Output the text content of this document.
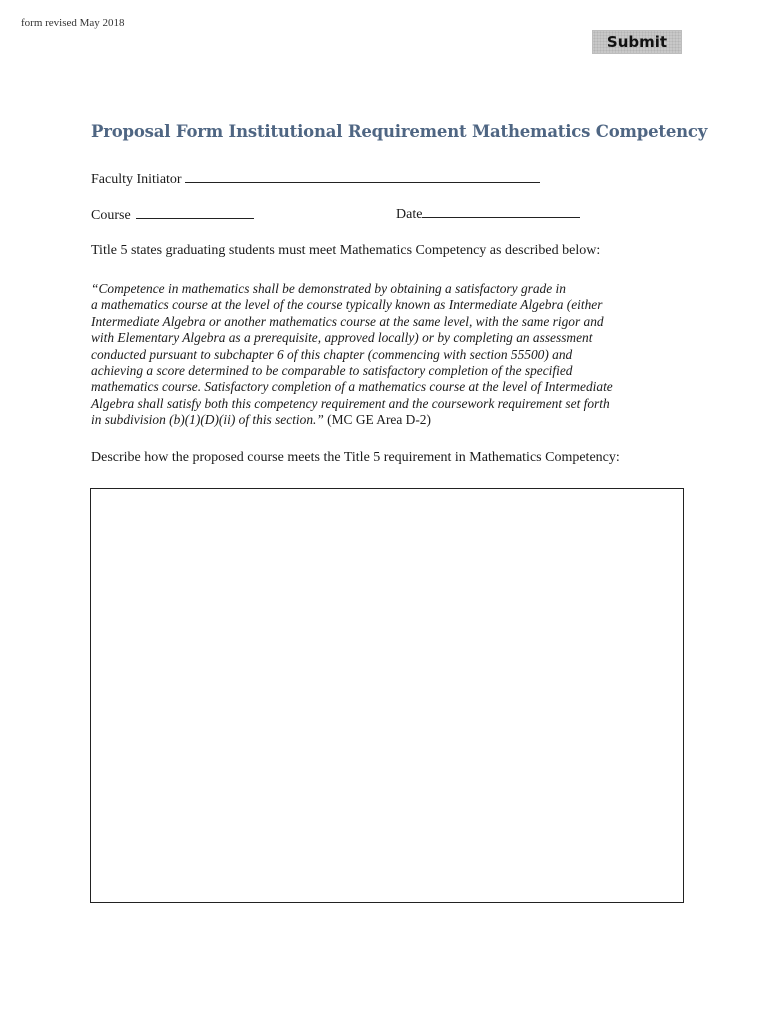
form revised May 2018
Submit
Proposal Form Institutional Requirement Mathematics Competency
Faculty Initiator
Course	Date
Title 5 states graduating students must meet Mathematics Competency as described below:
“Competence in mathematics shall be demonstrated by obtaining a satisfactory grade in
a mathematics course at the level of the course typically known as Intermediate Algebra (either
Intermediate Algebra or another mathematics course at the same level, with the same rigor and
with Elementary Algebra as a prerequisite, approved locally) or by completing an assessment
conducted pursuant to subchapter 6 of this chapter (commencing with section 55500) and
achieving a score determined to be comparable to satisfactory completion of the specified
mathematics course. Satisfactory completion of a mathematics course at the level of Intermediate
Algebra shall satisfy both this competency requirement and the coursework requirement set forth
in subdivision (b)(1)(D)(ii) of this section.” (MC GE Area D-2)
Describe how the proposed course meets the Title 5 requirement in Mathematics Competency:
